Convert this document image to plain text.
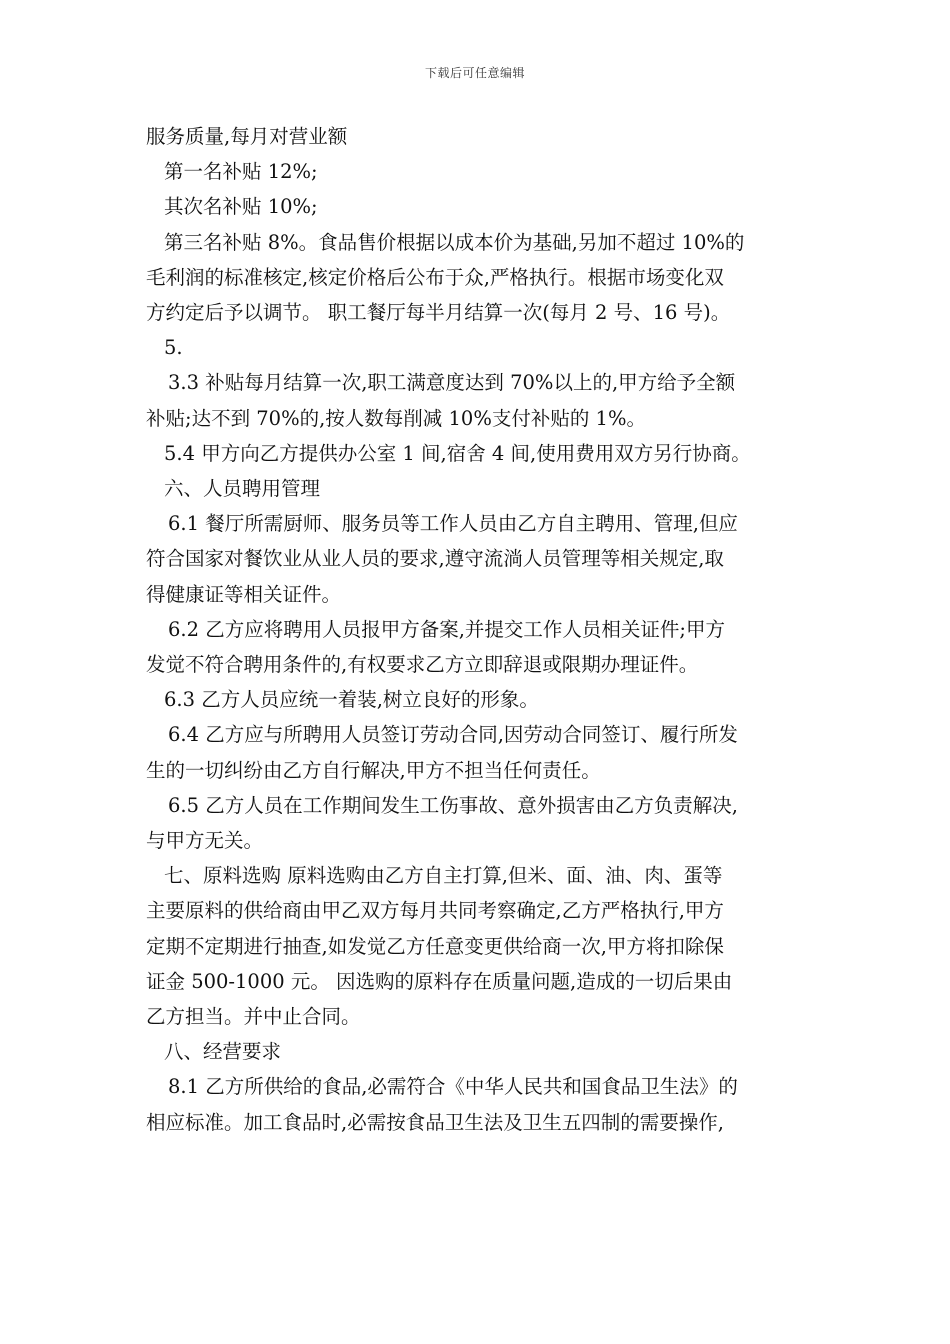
下载后可任意编辑
服务质量,每月对营业额
第一名补贴 12%;
其次名补贴 10%;
第三名补贴 8%。食品售价根据以成本价为基础,另加不超过 10%的
毛利润的标准核定,核定价格后公布于众,严格执行。根据市场变化双
方约定后予以调节。 职工餐厅每半月结算一次(每月 2 号、16 号)。
5.
3.3 补贴每月结算一次,职工满意度达到 70%以上的,甲方给予全额
补贴;达不到 70%的,按人数每削减 10%支付补贴的 1%。
5.4 甲方向乙方提供办公室 1 间,宿舍 4 间,使用费用双方另行协商。
六、人员聘用管理
6.1 餐厅所需厨师、服务员等工作人员由乙方自主聘用、管理,但应
符合国家对餐饮业从业人员的要求,遵守流淌人员管理等相关规定,取
得健康证等相关证件。
6.2 乙方应将聘用人员报甲方备案,并提交工作人员相关证件;甲方
发觉不符合聘用条件的,有权要求乙方立即辞退或限期办理证件。
6.3 乙方人员应统一着装,树立良好的形象。
6.4 乙方应与所聘用人员签订劳动合同,因劳动合同签订、履行所发
生的一切纠纷由乙方自行解决,甲方不担当任何责任。
6.5 乙方人员在工作期间发生工伤事故、意外损害由乙方负责解决,
与甲方无关。
七、原料选购 原料选购由乙方自主打算,但米、面、油、肉、蛋等
主要原料的供给商由甲乙双方每月共同考察确定,乙方严格执行,甲方
定期不定期进行抽查,如发觉乙方任意变更供给商一次,甲方将扣除保
证金 500-1000 元。 因选购的原料存在质量问题,造成的一切后果由
乙方担当。并中止合同。
八、经营要求
8.1 乙方所供给的食品,必需符合《中华人民共和国食品卫生法》的
相应标准。加工食品时,必需按食品卫生法及卫生五四制的需要操作,
